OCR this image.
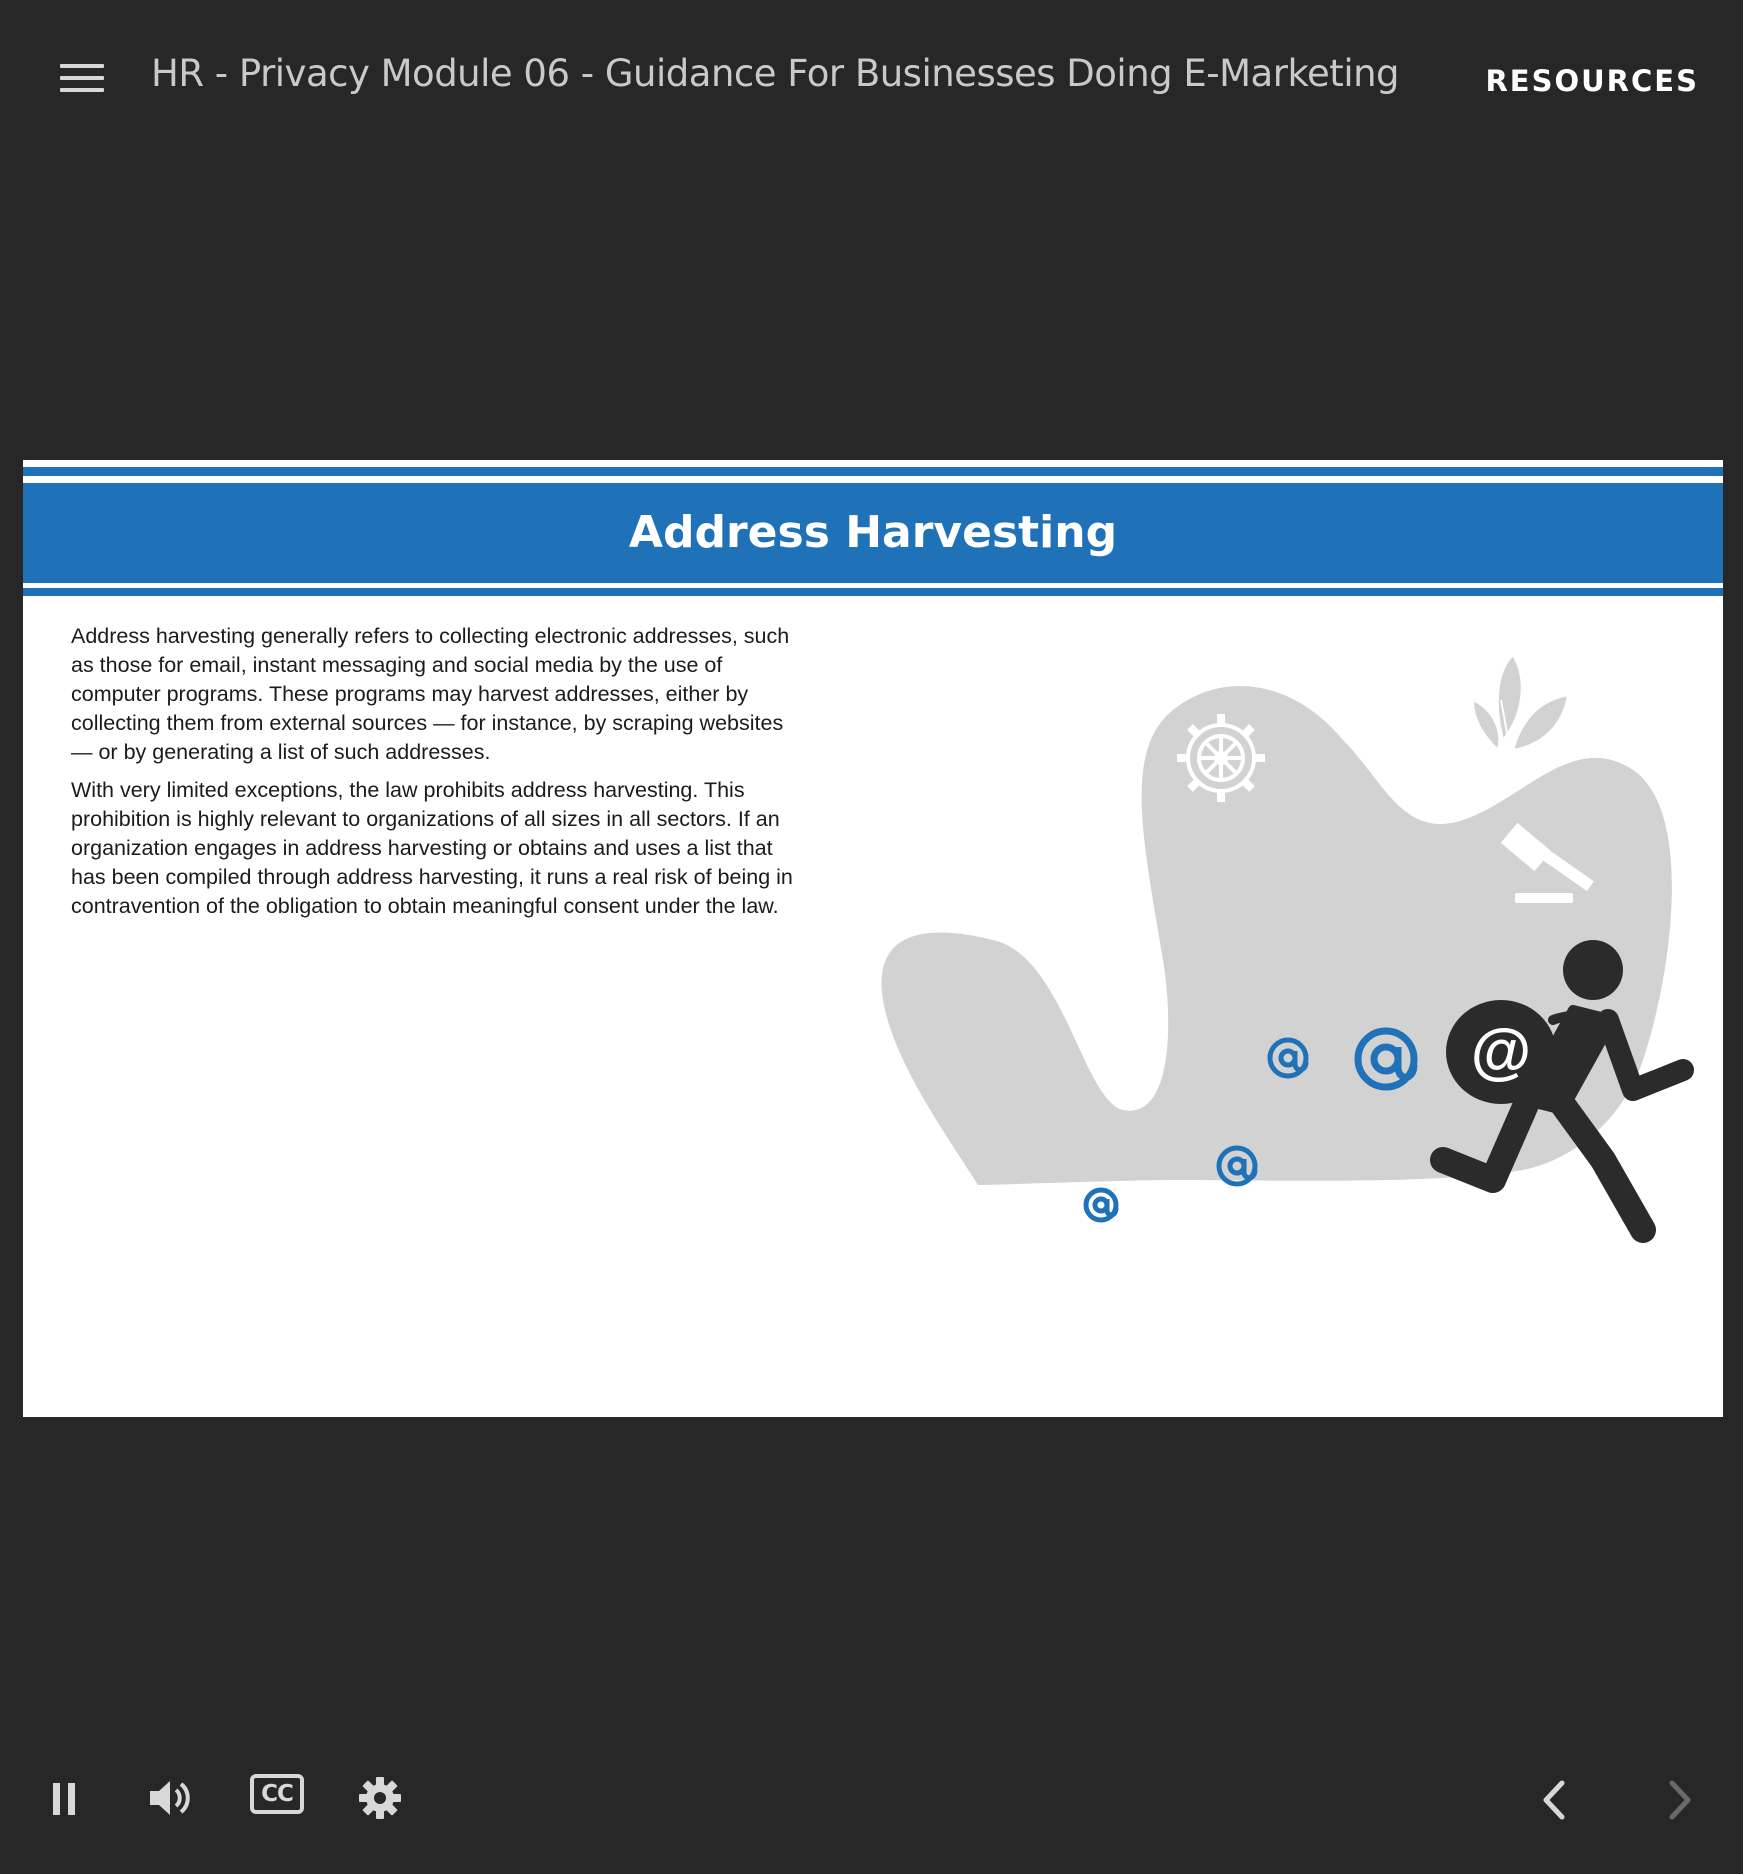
HR - Privacy Module 06 - Guidance For Businesses Doing E-Marketing	RESOURCES
Address Harvesting

Address harvesting generally refers to collecting electronic addresses, such as those for email, instant messaging and social media by the use of computer programs. These programs may harvest addresses, either by collecting them from external sources — for instance, by scraping websites — or by generating a list of such addresses.

With very limited exceptions, the law prohibits address harvesting. This prohibition is highly relevant to organizations of all sizes in all sectors. If an organization engages in address harvesting or obtains and uses a list that has been compiled through address harvesting, it runs a real risk of being in contravention of the obligation to obtain meaningful consent under the law.

@
CC
